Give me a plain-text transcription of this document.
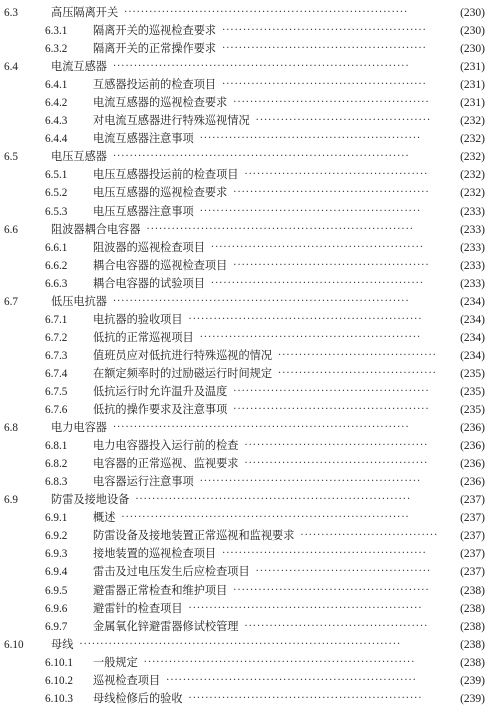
6.3	高压隔离开关 ····································································	(230)
6.3.1 隔离开关的巡视检查要求 ·················································	(230)
6.3.2 隔离开关的正常操作要求 ·················································	(230)
6.4	电流互感器 ·······································································	(231)
6.4.1 互感器投运前的检查项目 ·················································	(231)
6.4.2 电流互感器的巡视检查要求 ···············································	(231)
6.4.3 对电流互感器进行特殊巡视情况 ··········································	(232)
6.4.4 电流互感器注意事项 ·····················································	(232)
6.5	电压互感器 ·······································································	(232)
6.5.1 电压互感器投运前的检查项目 ············································	(232)
6.5.2 电压互感器的巡视检查要求 ···············································	(232)
6.5.3 电压互感器注意事项 ·····················································	(233)
6.6	阻波器耦合电容器 ································································	(233)
6.6.1 阻波器的巡视检查项目 ···················································	(233)
6.6.2 耦合电容器的巡视检查项目 ···············································	(233)
6.6.3 耦合电容器的试验项目 ···················································	(233)
6.7	低压电抗器 ·······································································	(234)
6.7.1 电抗器的验收项目 ························································	(234)
6.7.2 低抗的正常巡视项目 ·····················································	(234)
6.7.3 值班员应对低抗进行特殊巡视的情况 ······································	(234)
6.7.4 在额定频率时的过励磁运行时间规定 ······································	(235)
6.7.5 低抗运行时允许温升及温度 ···············································	(235)
6.7.6 低抗的操作要求及注意事项 ···············································	(235)
6.8	电力电容器 ·······································································	(236)
6.8.1 电力电容器投入运行前的检查 ············································	(236)
6.8.2 电容器的正常巡视、监视要求 ············································	(236)
6.8.3 电容器运行注意事项 ·····················································	(236)
6.9	防雷及接地设备 ··································································	(237)
6.9.1 概述 ·····································································	(237)
6.9.2 防雷设备及接地装置正常巡视和监视要求 ·································	(237)
6.9.3 接地装置的巡视检查项目 ·················································	(237)
6.9.4 雷击及过电压发生后应检查项目 ··········································	(237)
6.9.5 避雷器正常检查和维护项目 ···············································	(238)
6.9.6 避雷针的检查项目 ························································	(238)
6.9.7 金属氧化锌避雷器修试校管理 ············································	(238)
6.10 母线 ·············································································	(238)
6.10.1 一般规定 ·································································	(238)
6.10.2 巡视检查项目 ····························································	(239)
6.10.3 母线检修后的验收 ························································	(239)
